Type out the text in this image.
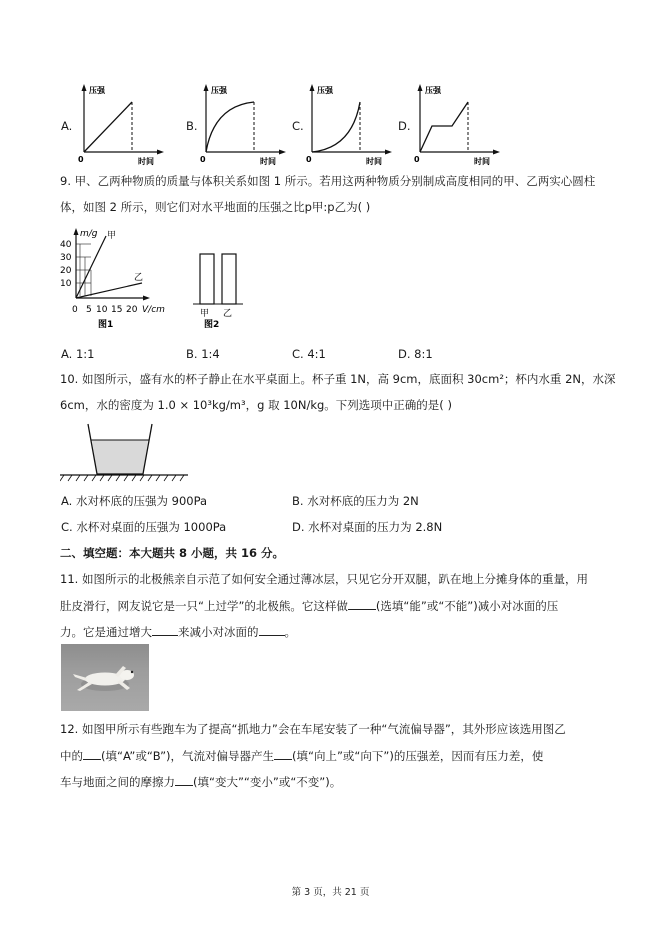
A.
压强
时间
0
B.
压强
时间
0
C.
压强
时间
0
D.
压强
时间
0
9. 甲、乙两种物质的质量与体积关系如图 1 所示。若用这两种物质分别制成高度相同的甲、乙两实心圆柱
体，如图 2 所示，则它们对水平地面的压强之比p甲:p乙为( )
m/g 甲
乙
40
30
20
10
0 5 10 15 20 V/cm
图1
甲 乙
图2
A. 1:1	B. 1:4	C. 4:1	D. 8:1
10. 如图所示，盛有水的杯子静止在水平桌面上。杯子重 1N，高 9cm，底面积 30cm²；杯内水重 2N，水深
6cm，水的密度为 1.0 × 10³kg/m³，g 取 10N/kg。下列选项中正确的是( )
A. 水对杯底的压强为 900Pa	B. 水对杯底的压力为 2N
C. 水杯对桌面的压强为 1000Pa	D. 水杯对桌面的压力为 2.8N
二、填空题：本大题共 8 小题，共 16 分。
11. 如图所示的北极熊亲自示范了如何安全通过薄冰层，只见它分开双腿，趴在地上分摊身体的重量，用
肚皮滑行，网友说它是一只“上过学”的北极熊。它这样做 (选填“能”或“不能”)减小对冰面的压
力。它是通过增大 来减小对冰面的 。
12. 如图甲所示有些跑车为了提高“抓地力”会在车尾安装了一种“气流偏导器”，其外形应该选用图乙
中的 (填“A”或“B”)，气流对偏导器产生 (填“向上”或“向下”)的压强差，因而有压力差，使
车与地面之间的摩擦力 (填“变大”“变小”或“不变”)。
第 3 页，共 21 页
